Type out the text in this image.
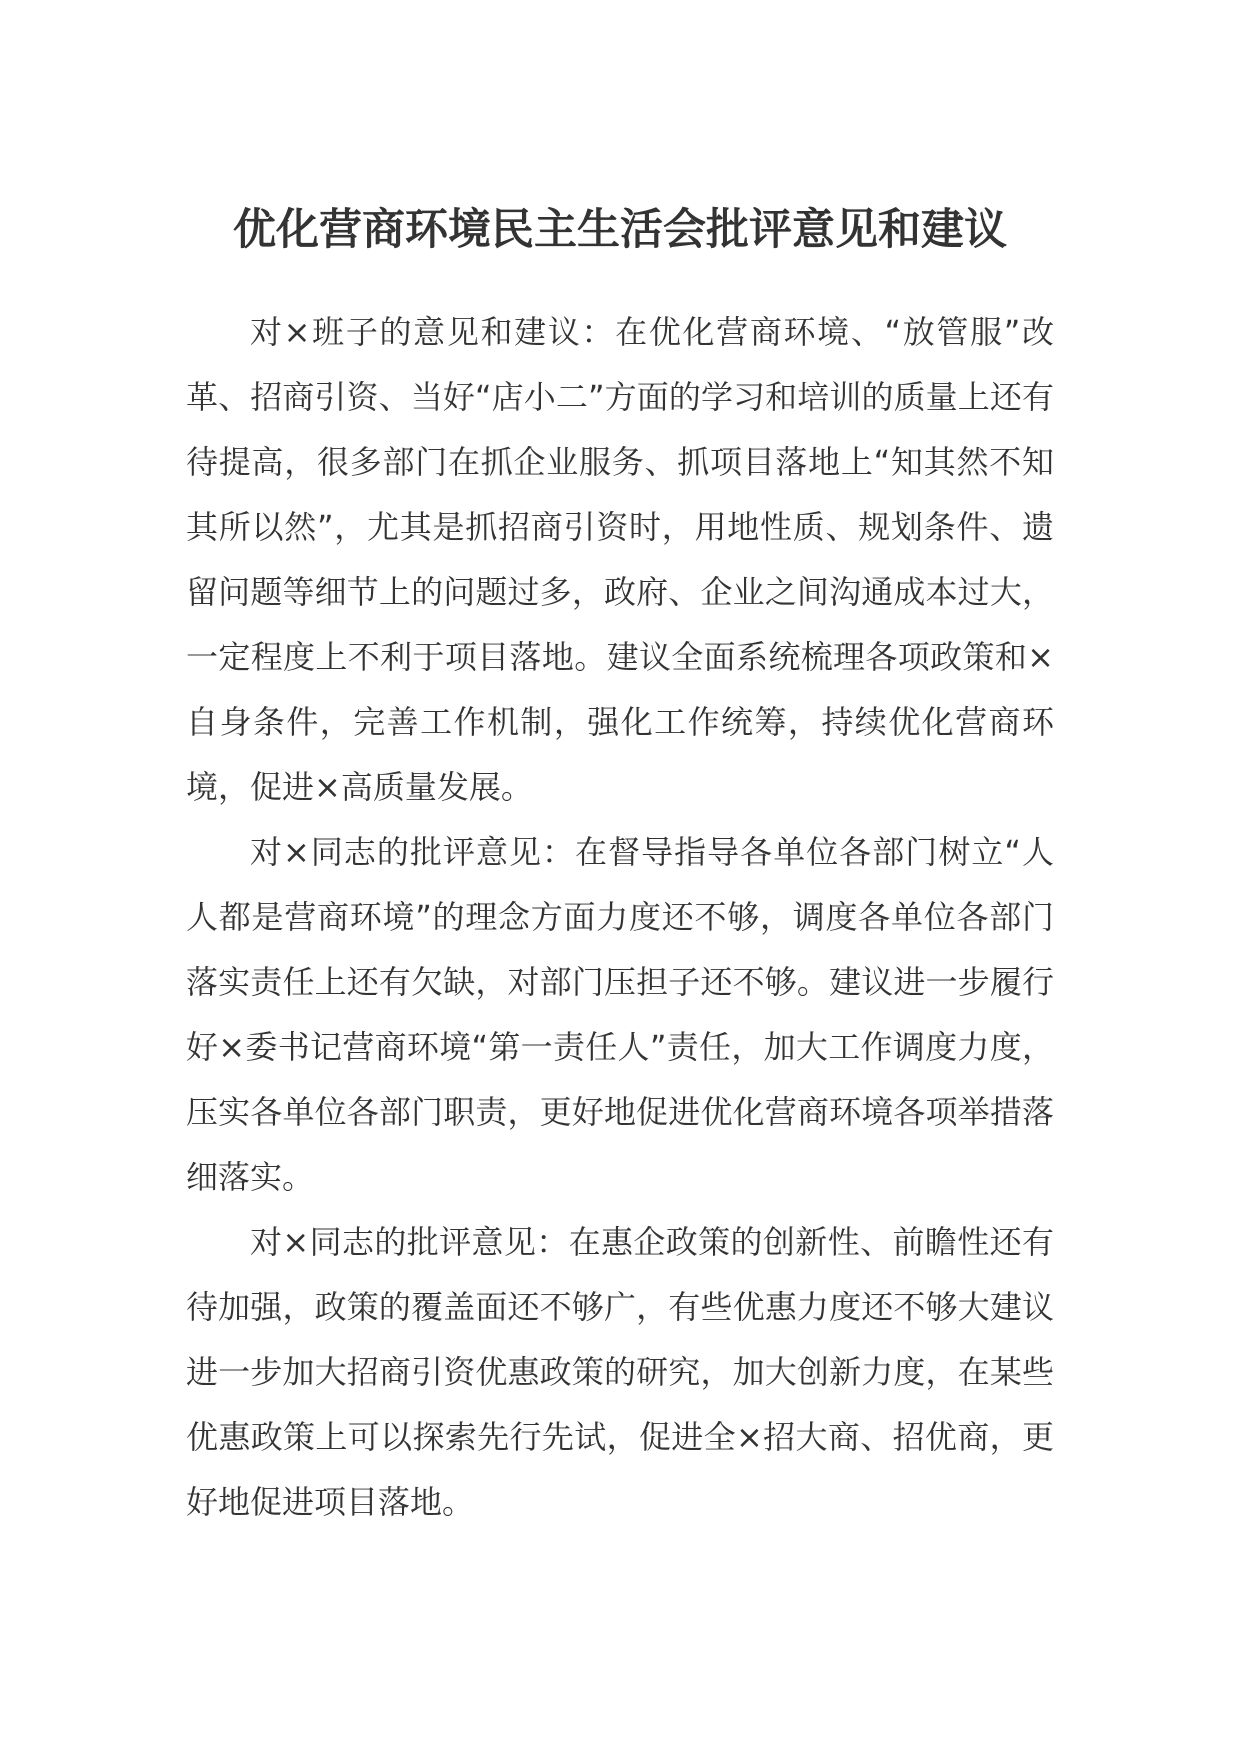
优化营商环境民主生活会批评意见和建议

对×班子的意见和建议：在优化营商环境、“放管服”改革、招商引资、当好“店小二”方面的学习和培训的质量上还有待提高，很多部门在抓企业服务、抓项目落地上“知其然不知其所以然”，尤其是抓招商引资时，用地性质、规划条件、遗留问题等细节上的问题过多，政府、企业之间沟通成本过大，一定程度上不利于项目落地。建议全面系统梳理各项政策和×自身条件，完善工作机制，强化工作统筹，持续优化营商环境，促进×高质量发展。

对×同志的批评意见：在督导指导各单位各部门树立“人人都是营商环境”的理念方面力度还不够，调度各单位各部门落实责任上还有欠缺，对部门压担子还不够。建议进一步履行好×委书记营商环境“第一责任人”责任，加大工作调度力度，压实各单位各部门职责，更好地促进优化营商环境各项举措落细落实。

对×同志的批评意见：在惠企政策的创新性、前瞻性还有待加强，政策的覆盖面还不够广，有些优惠力度还不够大建议进一步加大招商引资优惠政策的研究，加大创新力度，在某些优惠政策上可以探索先行先试，促进全×招大商、招优商，更好地促进项目落地。
